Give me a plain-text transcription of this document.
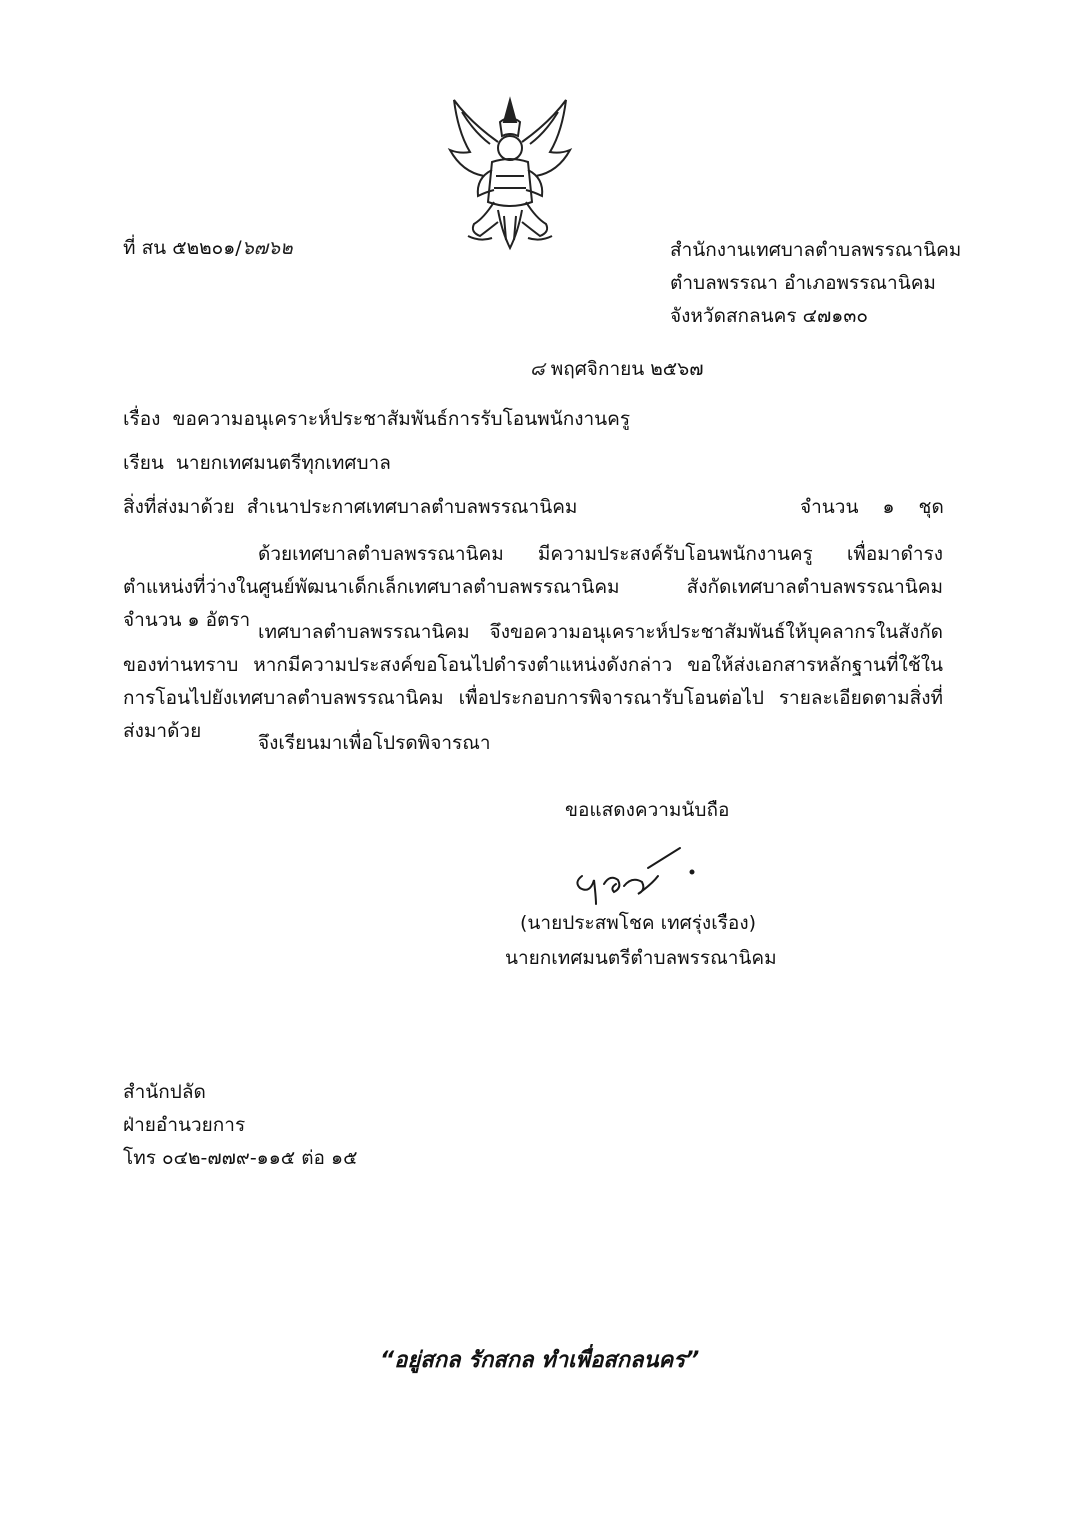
ที่ สน ๕๒๒๐๑/๖๗๖๒	สำนักงานเทศบาลตำบลพรรณานิคม
ตำบลพรรณา อำเภอพรรณานิคม
จังหวัดสกลนคร ๔๗๑๓๐
๘ พฤศจิกายน ๒๕๖๗
เรื่อง ขอความอนุเคราะห์ประชาสัมพันธ์การรับโอนพนักงานครู
เรียน นายกเทศมนตรีทุกเทศบาล
สิ่งที่ส่งมาด้วย สำเนาประกาศเทศบาลตำบลพรรณานิคม	จำนวน ๑ ชุด
ด้วยเทศบาลตำบลพรรณานิคม มีความประสงค์รับโอนพนักงานครู เพื่อมาดำรงตำแหน่งที่ว่างในศูนย์พัฒนาเด็กเล็กเทศบาลตำบลพรรณานิคม สังกัดเทศบาลตำบลพรรณานิคม จำนวน ๑ อัตรา
เทศบาลตำบลพรรณานิคม จึงขอความอนุเคราะห์ประชาสัมพันธ์ให้บุคลากรในสังกัดของท่านทราบ หากมีความประสงค์ขอโอนไปดำรงตำแหน่งดังกล่าว ขอให้ส่งเอกสารหลักฐานที่ใช้ในการโอนไปยังเทศบาลตำบลพรรณานิคม เพื่อประกอบการพิจารณารับโอนต่อไป รายละเอียดตามสิ่งที่ส่งมาด้วย
จึงเรียนมาเพื่อโปรดพิจารณา
ขอแสดงความนับถือ
(นายประสพโชค เทศรุ่งเรือง)
นายกเทศมนตรีตำบลพรรณานิคม
สำนักปลัด
ฝ่ายอำนวยการ
โทร ๐๔๒-๗๗๙-๑๑๕ ต่อ ๑๕
“อยู่สกล รักสกล ทำเพื่อสกลนคร”
